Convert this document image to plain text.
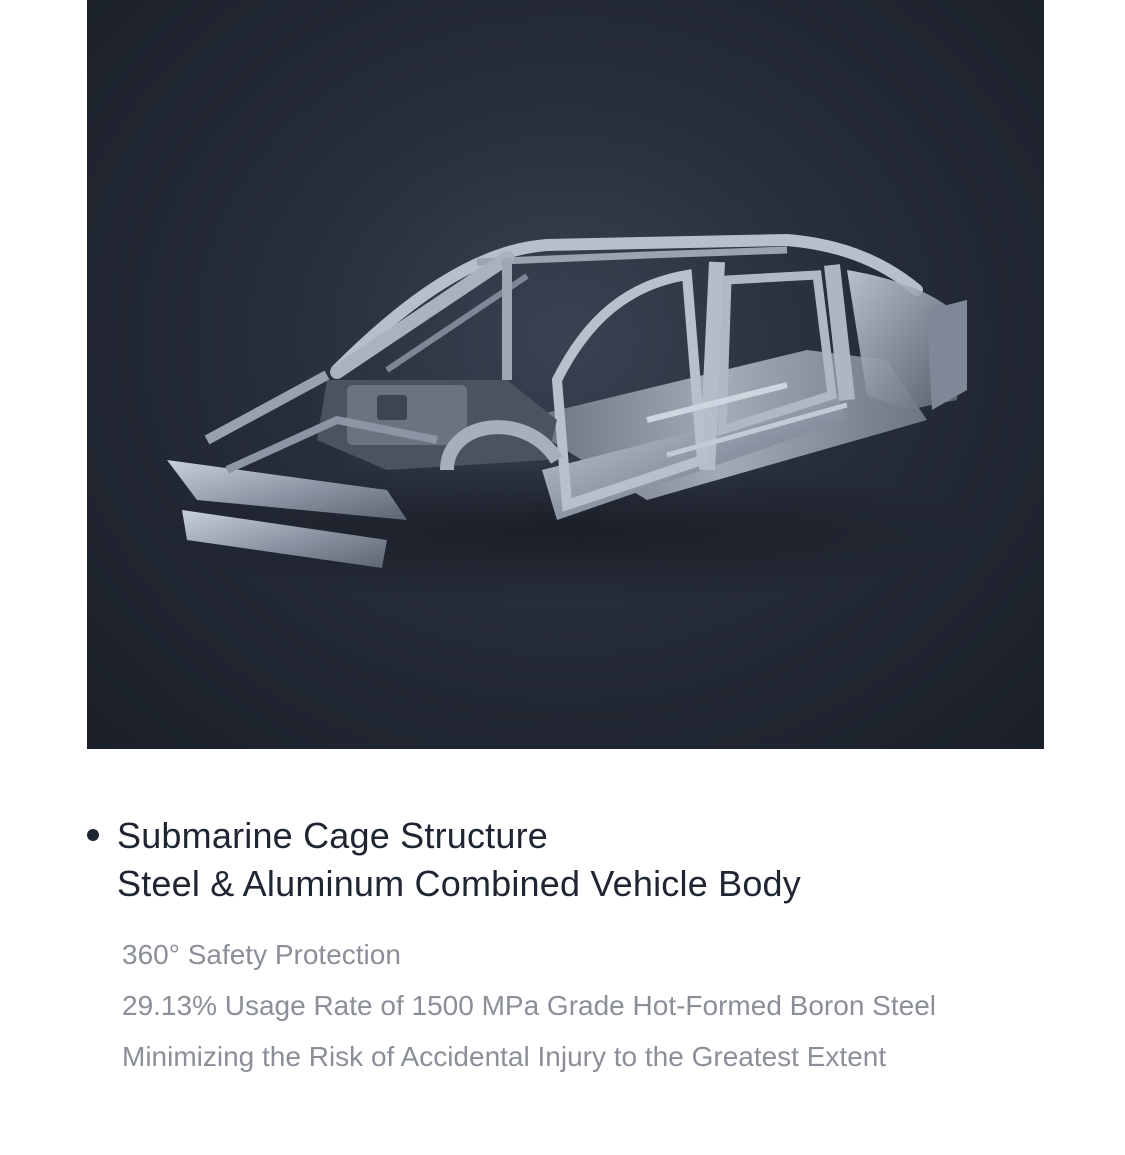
Submarine Cage Structure
Steel & Aluminum Combined Vehicle Body
360° Safety Protection
29.13% Usage Rate of 1500 MPa Grade Hot-Formed Boron Steel
Minimizing the Risk of Accidental Injury to the Greatest Extent
